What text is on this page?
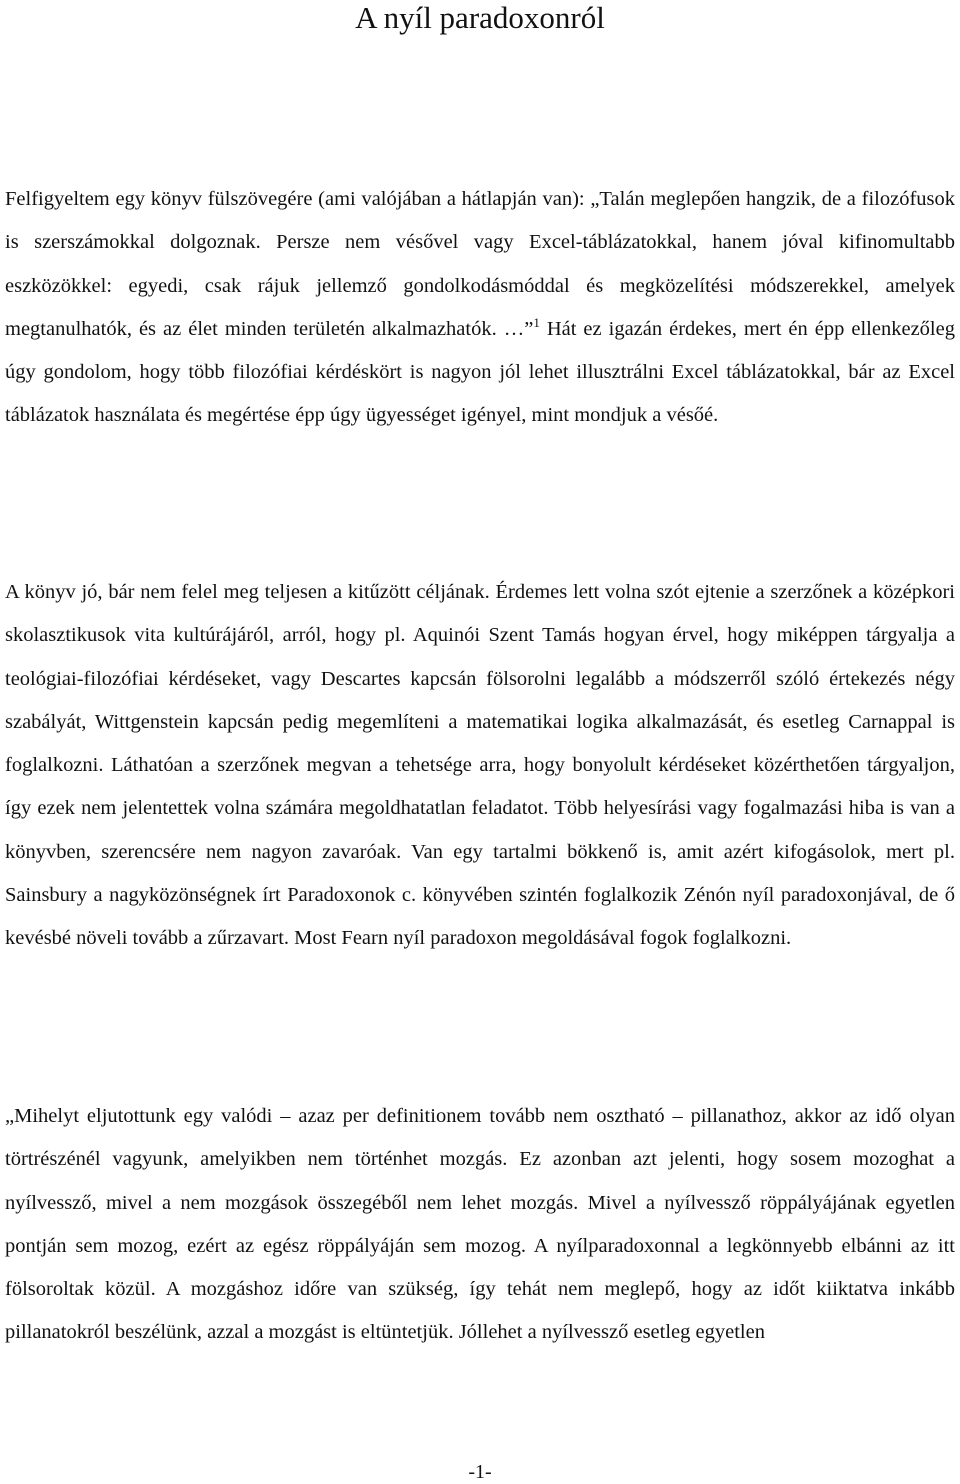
A nyíl paradoxonról

Felfigyeltem egy könyv fülszövegére (ami valójában a hátlapján van): „Talán meglepően hangzik, de a filozófusok is szerszámokkal dolgoznak. Persze nem vésővel vagy Excel-táblázatokkal, hanem jóval kifinomultabb eszközökkel: egyedi, csak rájuk jellemző gondolkodásmóddal és megközelítési módszerekkel, amelyek megtanulhatók, és az élet minden területén alkalmazhatók. …”$^1$ Hát ez igazán érdekes, mert én épp ellenkezőleg úgy gondolom, hogy több filozófiai kérdéskört is nagyon jól lehet illusztrálni Excel táblázatokkal, bár az Excel táblázatok használata és megértése épp úgy ügyességet igényel, mint mondjuk a vésőé.

A könyv jó, bár nem felel meg teljesen a kitűzött céljának. Érdemes lett volna szót ejtenie a szerzőnek a középkori skolasztikusok vita kultúrájáról, arról, hogy pl. Aquinói Szent Tamás hogyan érvel, hogy miképpen tárgyalja a teológiai-filozófiai kérdéseket, vagy Descartes kapcsán fölsorolni legalább a módszerről szóló értekezés négy szabályát, Wittgenstein kapcsán pedig megemlíteni a matematikai logika alkalmazását, és esetleg Carnappal is foglalkozni. Láthatóan a szerzőnek megvan a tehetsége arra, hogy bonyolult kérdéseket közérthetően tárgyaljon, így ezek nem jelentettek volna számára megoldhatatlan feladatot. Több helyesírási vagy fogalmazási hiba is van a könyvben, szerencsére nem nagyon zavaróak. Van egy tartalmi bökkenő is, amit azért kifogásolok, mert pl. Sainsbury a nagyközönségnek írt Paradoxonok c. könyvében szintén foglalkozik Zénón nyíl paradoxonjával, de ő kevésbé növeli tovább a zűrzavart. Most Fearn nyíl paradoxon megoldásával fogok foglalkozni.

„Mihelyt eljutottunk egy valódi – azaz per definitionem tovább nem osztható – pillanathoz, akkor az idő olyan törtrészénél vagyunk, amelyikben nem történhet mozgás. Ez azonban azt jelenti, hogy sosem mozoghat a nyílvessző, mivel a nem mozgások összegéből nem lehet mozgás. Mivel a nyílvessző röppályájának egyetlen pontján sem mozog, ezért az egész röppályáján sem mozog. A nyílparadoxonnal a legkönnyebb elbánni az itt fölsoroltak közül. A mozgáshoz időre van szükség, így tehát nem meglepő, hogy az időt kiiktatva inkább pillanatokról beszélünk, azzal a mozgást is eltüntetjük. Jóllehet a nyílvessző esetleg egyetlen

-1-
